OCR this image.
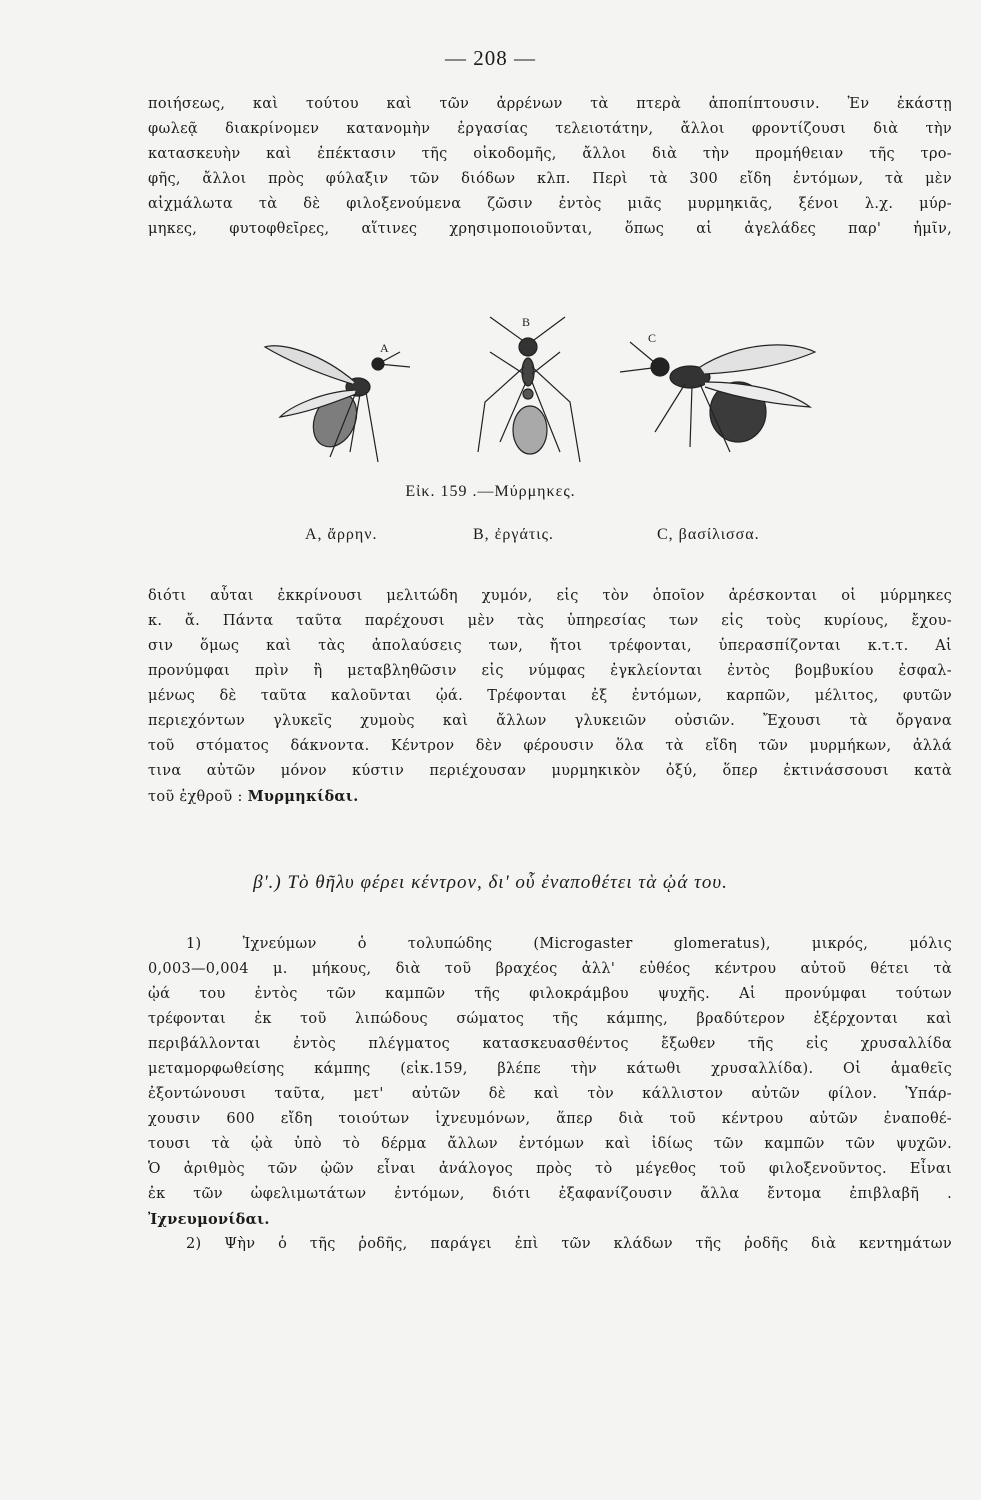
— 208 —
ποιήσεως, καὶ τούτου καὶ τῶν ἀρρένων τὰ πτερὰ ἀποπίπτουσιν. Ἐν ἑκάστῃ
φωλεᾷ διακρίνομεν κατανομὴν ἐργασίας τελειοτάτην, ἄλλοι φροντίζουσι διὰ τὴν
κατασκευὴν καὶ ἐπέκτασιν τῆς οἰκοδομῆς, ἄλλοι διὰ τὴν προμήθειαν τῆς τρο-
φῆς, ἄλλοι πρὸς φύλαξιν τῶν διόδων κλπ. Περὶ τὰ 300 εἴδη ἐντόμων, τὰ μὲν
αἰχμάλωτα τὰ δὲ φιλοξενούμενα ζῶσιν ἐντὸς μιᾶς μυρμηκιᾶς, ξένοι λ.χ. μύρ-
μηκες, φυτοφθεῖρες, αἵτινες χρησιμοποιοῦνται, ὅπως αἱ ἀγελάδες παρ' ἡμῖν,
A
B
C
Εἰκ. 159 .—Μύρμηκες.
A, ἄρρην.	B, ἐργάτις.	C, βασίλισσα.
διότι αὗται ἐκκρίνουσι μελιτώδη χυμόν, εἰς τὸν ὁποῖον ἀρέσκονται οἱ μύρμηκες
κ. ἄ. Πάντα ταῦτα παρέχουσι μὲν τὰς ὑπηρεσίας των εἰς τοὺς κυρίους, ἔχου-
σιν ὅμως καὶ τὰς ἀπολαύσεις των, ἤτοι τρέφονται, ὑπερασπίζονται κ.τ.τ. Αἱ
προνύμφαι πρὶν ἢ μεταβληθῶσιν εἰς νύμφας ἐγκλείονται ἐντὸς βομβυκίου ἐσφαλ-
μένως δὲ ταῦτα καλοῦνται ᾠά. Τρέφονται ἐξ ἐντόμων, καρπῶν, μέλιτος, φυτῶν
περιεχόντων γλυκεῖς χυμοὺς καὶ ἄλλων γλυκειῶν οὐσιῶν. Ἔχουσι τὰ ὄργανα
τοῦ στόματος δάκνοντα. Κέντρον δὲν φέρουσιν ὅλα τὰ εἴδη τῶν μυρμήκων, ἀλλά
τινα αὐτῶν μόνον κύστιν περιέχουσαν μυρμηκικὸν ὀξύ, ὅπερ ἐκτινάσσουσι κατὰ
τοῦ ἐχθροῦ : Μυρμηκίδαι.
β'.) Τὸ θῆλυ φέρει κέντρον, δι' οὗ ἐναποθέτει τὰ ᾠά του.
1) Ἰχνεύμων ὁ τολυπώδης (Microgaster glomeratus), μικρός, μόλις
0,003—0,004 μ. μήκους, διὰ τοῦ βραχέος ἀλλ' εὐθέος κέντρου αὐτοῦ θέτει τὰ
ᾠά του ἐντὸς τῶν καμπῶν τῆς φιλοκράμβου ψυχῆς. Αἱ προνύμφαι τούτων
τρέφονται ἐκ τοῦ λιπώδους σώματος τῆς κάμπης, βραδύτερον ἐξέρχονται καὶ
περιβάλλονται ἐντὸς πλέγματος κατασκευασθέντος ἔξωθεν τῆς εἰς χρυσαλλίδα
μεταμορφωθείσης κάμπης (εἰκ.159, βλέπε τὴν κάτωθι χρυσαλλίδα). Οἱ ἀμαθεῖς
ἐξοντώνουσι ταῦτα, μετ' αὐτῶν δὲ καὶ τὸν κάλλιστον αὐτῶν φίλον. Ὑπάρ-
χουσιν 600 εἴδη τοιούτων ἰχνευμόνων, ἅπερ διὰ τοῦ κέντρου αὐτῶν ἐναποθέ-
τουσι τὰ ᾠὰ ὑπὸ τὸ δέρμα ἄλλων ἐντόμων καὶ ἰδίως τῶν καμπῶν τῶν ψυχῶν.
Ὁ ἀριθμὸς τῶν ᾠῶν εἶναι ἀνάλογος πρὸς τὸ μέγεθος τοῦ φιλοξενοῦντος. Εἶναι
ἐκ τῶν ὠφελιμωτάτων ἐντόμων, διότι ἐξαφανίζουσιν ἄλλα ἔντομα ἐπιβλαβῆ .
Ἰχνευμονίδαι.
2) Ψὴν ὁ τῆς ῥοδῆς, παράγει ἐπὶ τῶν κλάδων τῆς ῥοδῆς διὰ κεντημάτων
